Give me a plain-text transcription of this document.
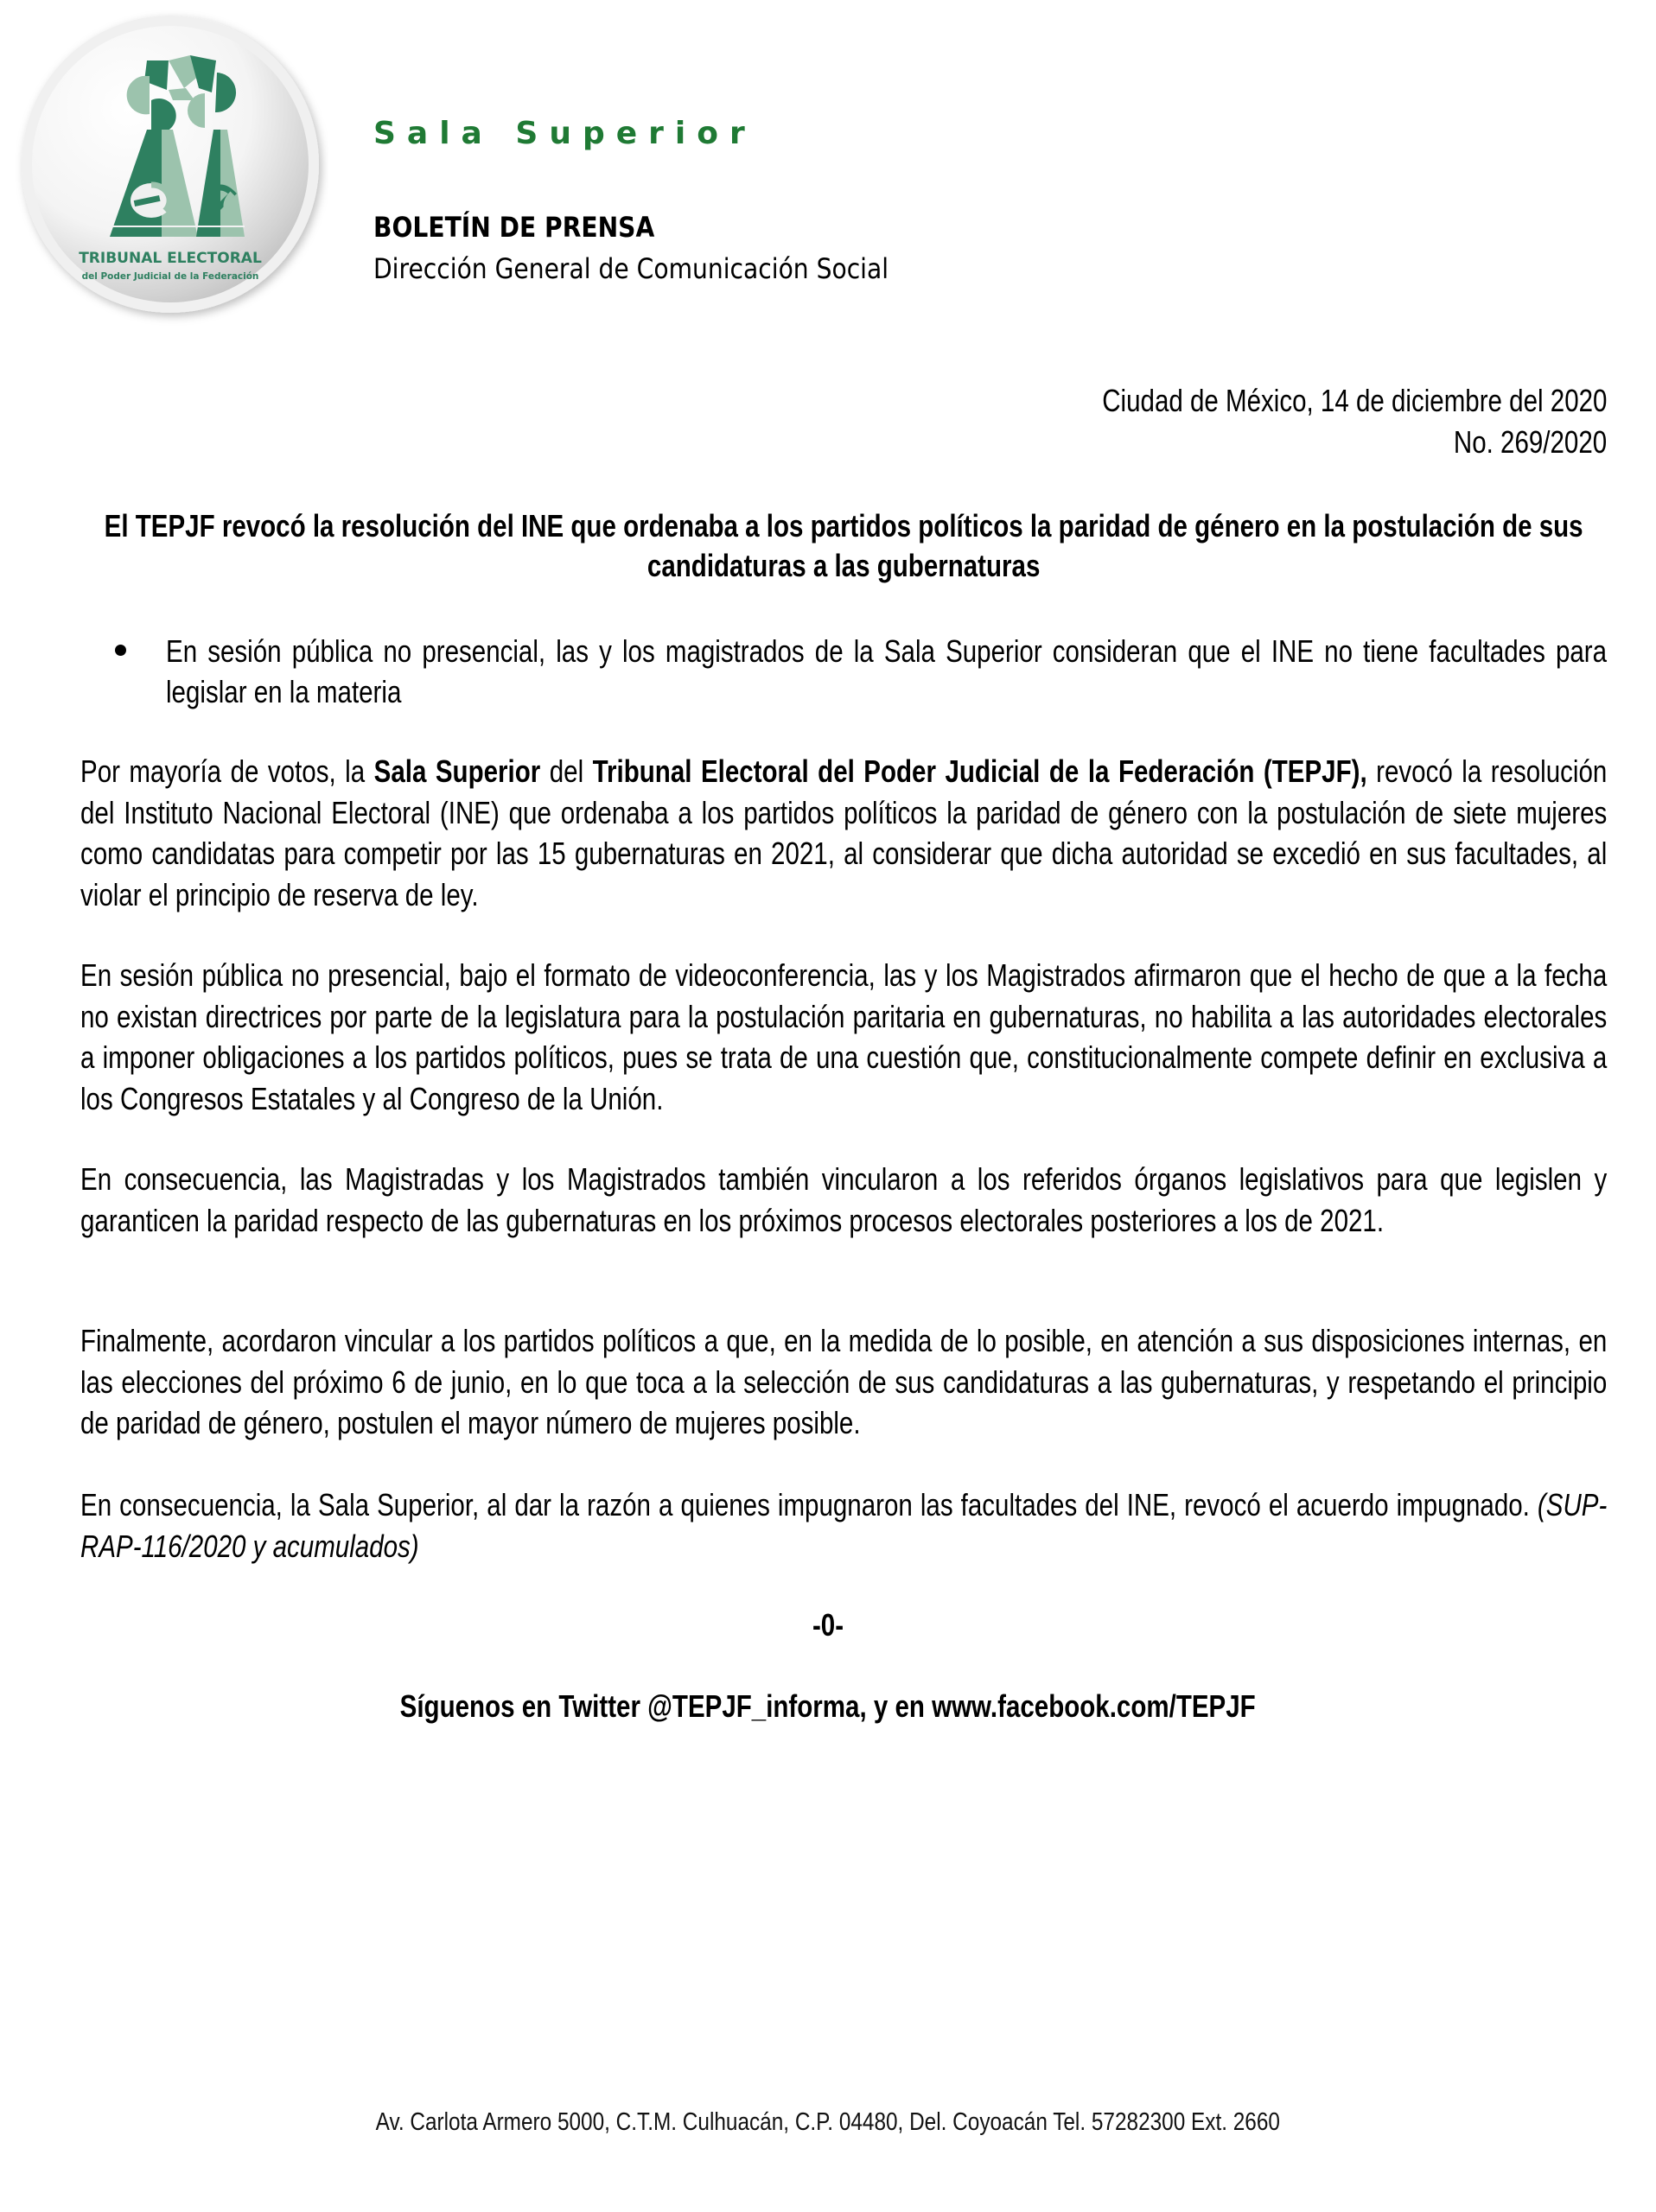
TRIBUNAL ELECTORAL
del Poder Judicial de la Federación
Sala Superior
BOLETÍN DE PRENSA
Dirección General de Comunicación Social
Ciudad de México, 14 de diciembre del 2020
No. 269/2020
El TEPJF revocó la resolución del INE que ordenaba a los partidos políticos la paridad de género en la postulación de sus candidaturas a las gubernaturas
En sesión pública no presencial, las y los magistrados de la Sala Superior consideran que el INE no tiene facultades para legislar en la materia
Por mayoría de votos, la Sala Superior del Tribunal Electoral del Poder Judicial de la Federación (TEPJF), revocó la resolución del Instituto Nacional Electoral (INE) que ordenaba a los partidos políticos la paridad de género con la postulación de siete mujeres como candidatas para competir por las 15 gubernaturas en 2021, al considerar que dicha autoridad se excedió en sus facultades, al violar el principio de reserva de ley.
En sesión pública no presencial, bajo el formato de videoconferencia, las y los Magistrados afirmaron que el hecho de que a la fecha no existan directrices por parte de la legislatura para la postulación paritaria en gubernaturas, no habilita a las autoridades electorales a imponer obligaciones a los partidos políticos, pues se trata de una cuestión que, constitucionalmente compete definir en exclusiva a los Congresos Estatales y al Congreso de la Unión.
En consecuencia, las Magistradas y los Magistrados también vincularon a los referidos órganos legislativos para que legislen y garanticen la paridad respecto de las gubernaturas en los próximos procesos electorales posteriores a los de 2021.
Finalmente, acordaron vincular a los partidos políticos a que, en la medida de lo posible, en atención a sus disposiciones internas, en las elecciones del próximo 6 de junio, en lo que toca a la selección de sus candidaturas a las gubernaturas, y respetando el principio de paridad de género, postulen el mayor número de mujeres posible.
En consecuencia, la Sala Superior, al dar la razón a quienes impugnaron las facultades del INE, revocó el acuerdo impugnado. (SUP-RAP-116/2020 y acumulados)
-0-
Síguenos en Twitter @TEPJF_informa, y en www.facebook.com/TEPJF
Av. Carlota Armero 5000, C.T.M. Culhuacán, C.P. 04480, Del. Coyoacán Tel. 57282300 Ext. 2660
